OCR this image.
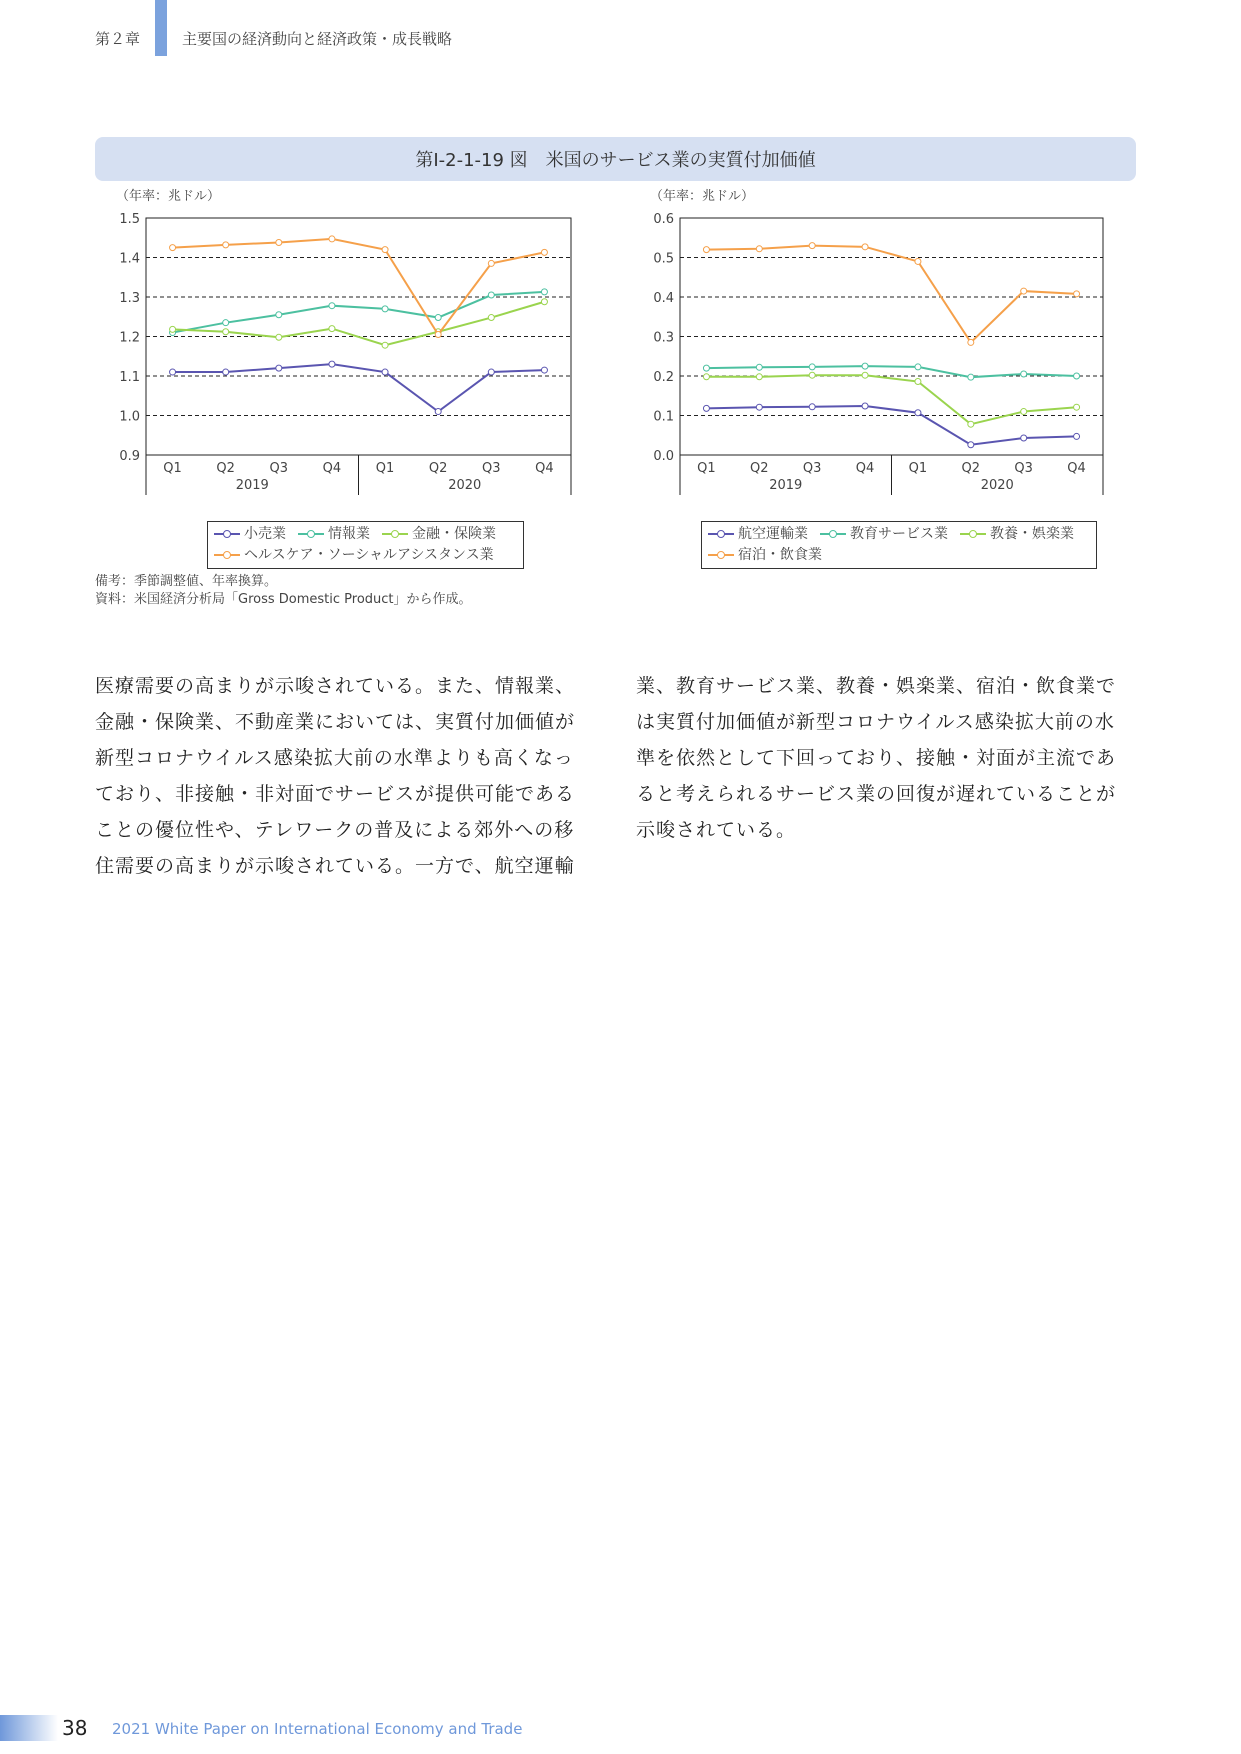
第２章	主要国の経済動向と経済政策・成長戦略
第Ⅰ-2-1-19 図　米国のサービス業の実質付加価値
（年率：兆ドル）
1.5
1.4
1.3
1.2
1.1
1.0
0.9
Q1	Q2	Q3	Q4	Q1	Q2	Q3	Q4
2019	2020
（年率：兆ドル）
0.6
0.5
0.4
0.3
0.2
0.1
0.0
Q1	Q2	Q3	Q4	Q1	Q2	Q3	Q4
2019	2020
小売業	情報業	金融・保険業

ヘルスケア・ソーシャルアシスタンス業
航空運輸業	教育サービス業	教養・娯楽業

宿泊・飲食業
備考：季節調整値、年率換算。
資料：米国経済分析局「Gross Domestic Product」から作成。
医療需要の高まりが示唆されている。また、情報業、
金融・保険業、不動産業においては、実質付加価値が
新型コロナウイルス感染拡大前の水準よりも高くなっ
ており、非接触・非対面でサービスが提供可能である
ことの優位性や、テレワークの普及による郊外への移
住需要の高まりが示唆されている。一方で、航空運輸
業、教育サービス業、教養・娯楽業、宿泊・飲食業で
は実質付加価値が新型コロナウイルス感染拡大前の水
準を依然として下回っており、接触・対面が主流であ
ると考えられるサービス業の回復が遅れていることが
示唆されている。
38 2021 White Paper on International Economy and Trade
